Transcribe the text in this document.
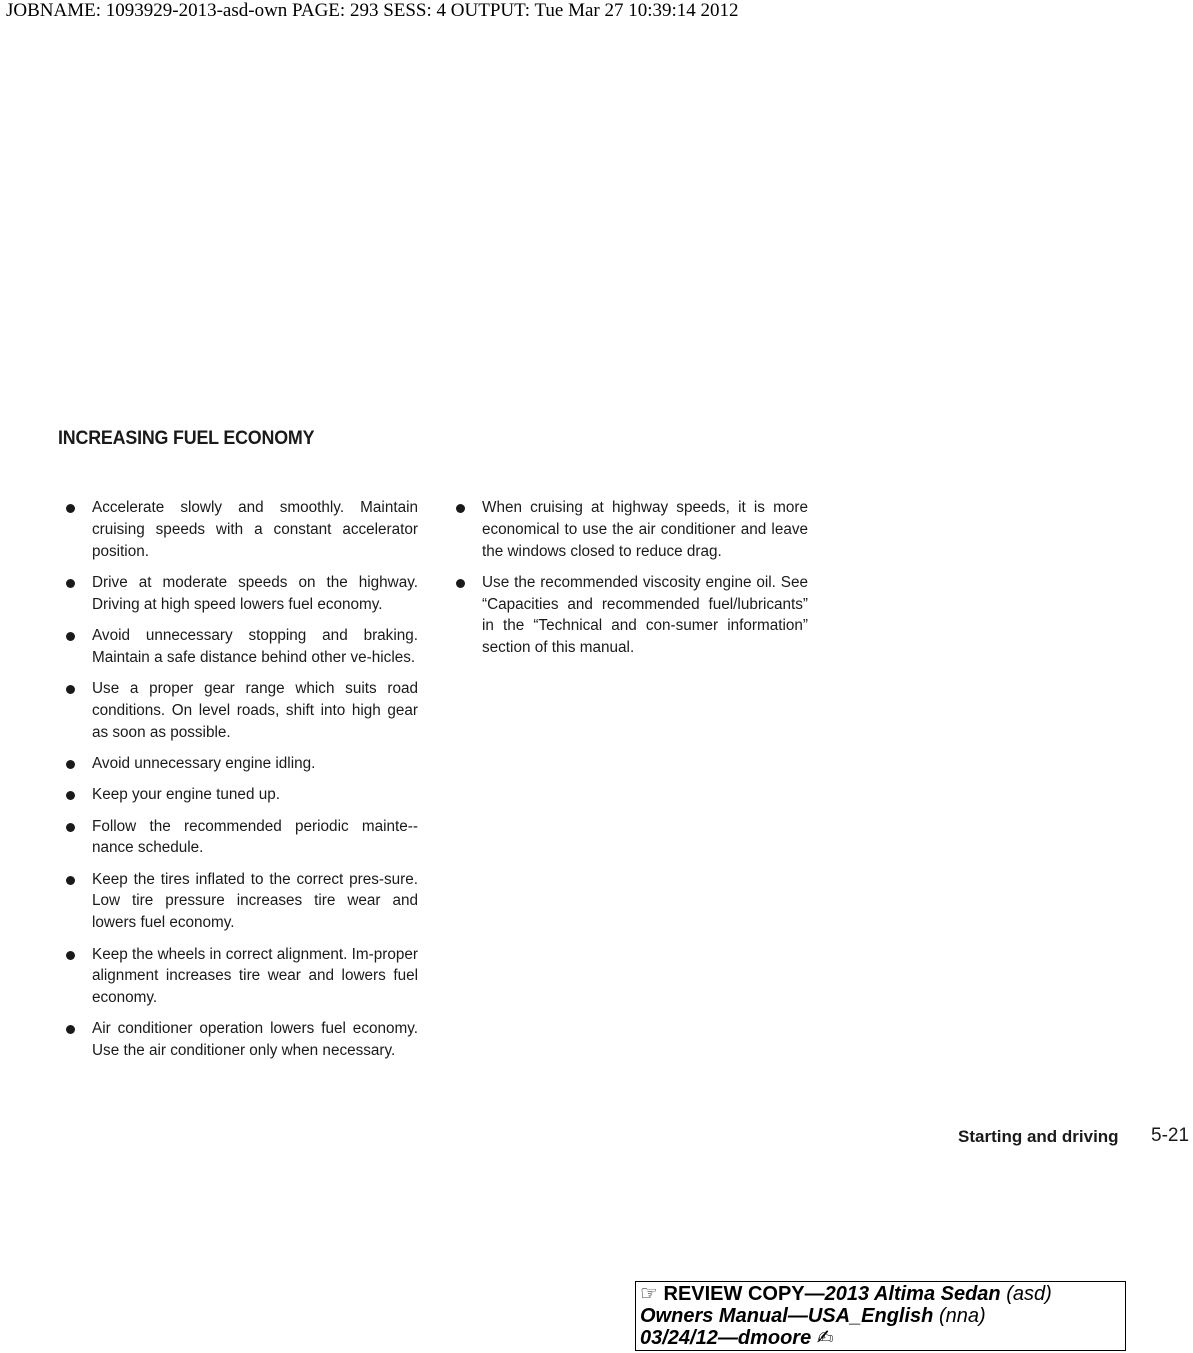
JOBNAME: 1093929-2013-asd-own PAGE: 293 SESS: 4 OUTPUT: Tue Mar 27 10:39:14 2012
INCREASING FUEL ECONOMY
Accelerate slowly and smoothly. Maintain cruising speeds with a constant accelerator position.
Drive at moderate speeds on the highway. Driving at high speed lowers fuel economy.
Avoid unnecessary stopping and braking. Maintain a safe distance behind other ve-hicles.
Use a proper gear range which suits road conditions. On level roads, shift into high gear as soon as possible.
Avoid unnecessary engine idling.
Keep your engine tuned up.
Follow the recommended periodic mainte-nance schedule.
Keep the tires inflated to the correct pres-sure. Low tire pressure increases tire wear and lowers fuel economy.
Keep the wheels in correct alignment. Im-proper alignment increases tire wear and lowers fuel economy.
Air conditioner operation lowers fuel economy. Use the air conditioner only when necessary.
When cruising at highway speeds, it is more economical to use the air conditioner and leave the windows closed to reduce drag.
Use the recommended viscosity engine oil. See “Capacities and recommended fuel/lubricants” in the “Technical and con-sumer information” section of this manual.
Starting and driving 5-21
☞ REVIEW COPY—2013 Altima Sedan (asd)
Owners Manual—USA_English (nna)
03/24/12—dmoore ✍
